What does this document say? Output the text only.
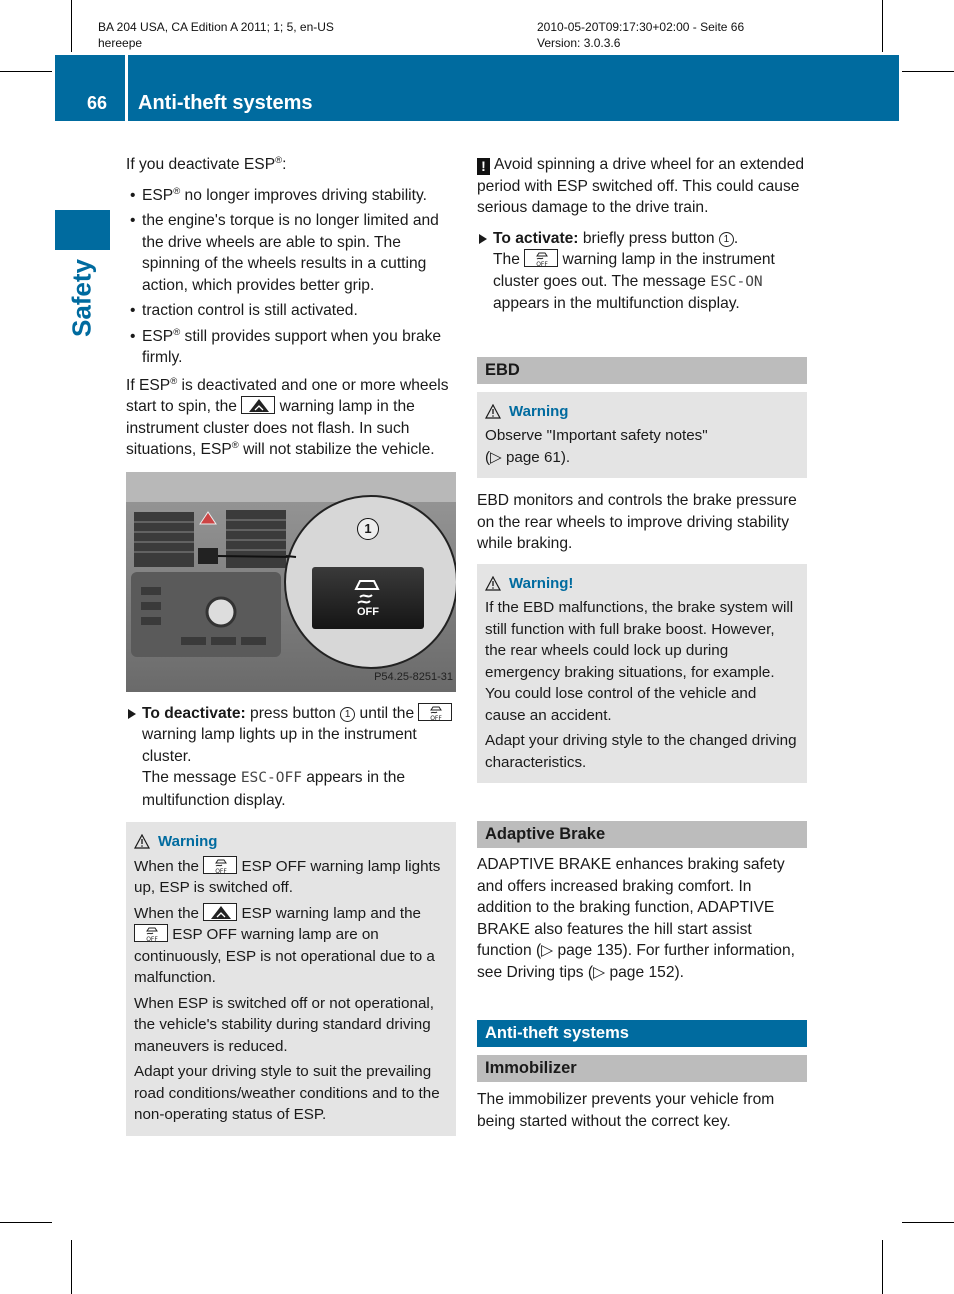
BA 204 USA, CA Edition A 2011; 1; 5, en-US
hereepe
2010-05-20T09:17:30+02:00 - Seite 66
Version: 3.0.3.6
66 Anti-theft systems
Safety

If you deactivate ESP®:

• ESP® no longer improves driving stability.

• the engine's torque is no longer limited and the drive wheels are able to spin. The spinning of the wheels results in a cutting action, which provides better grip.

• traction control is still activated.

• ESP® still provides support when you brake firmly.

If ESP® is deactivated and one or more wheels start to spin, the
warning lamp in the instrument cluster does not flash. In such situations, ESP® will not stabilize the vehicle.

1
OFF
P54.25-8251-31

To deactivate: press button 1 until the OFF
warning lamp lights up in the instrument cluster.

The message ESC-OFF appears in the multifunction display.

Warning

When the OFF ESP OFF warning lamp lights up, ESP is switched off.

When the
ESP warning lamp and the
OFF ESP OFF warning lamp are on continuously, ESP is not operational due to a malfunction.

When ESP is switched off or not operational, the vehicle's stability during standard driving maneuvers is reduced.

Adapt your driving style to suit the prevailing road conditions/weather conditions and to the non-operating status of ESP.

! Avoid spinning a drive wheel for an extended period with ESP switched off. This could cause serious damage to the drive train.

To activate: briefly press button 1 .

The OFF warning lamp in the instrument cluster goes out. The message ESC-ON appears in the multifunction display.

EBD
Warning

Observe "Important safety notes"

(▷ page 61).

EBD monitors and controls the brake pressure on the rear wheels to improve driving stability while braking.

Warning!

If the EBD malfunctions, the brake system will still function with full brake boost. However, the rear wheels could lock up during emergency braking situations, for example. You could lose control of the vehicle and cause an accident.

Adapt your driving style to the changed driving characteristics.

Adaptive Brake

ADAPTIVE BRAKE enhances braking safety and offers increased braking comfort. In addition to the braking function, ADAPTIVE BRAKE also features the hill start assist function (▷ page 135). For further information, see Driving tips (▷ page 152).

Anti-theft systems
Immobilizer

The immobilizer prevents your vehicle from being started without the correct key.
